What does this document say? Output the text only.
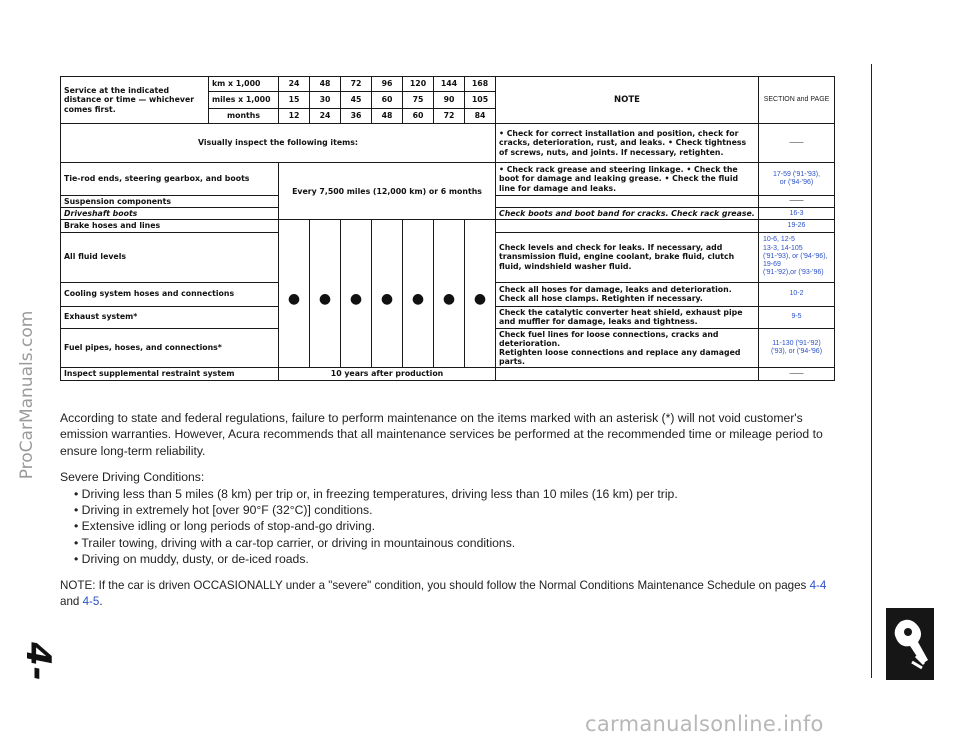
ProCarManuals.com
carmanualsonline.info
4-
Service at the indicated distance or time — whichever comes first.	km x 1,000	24	48	72	96	120	144	168	NOTE	SECTION and PAGE
	miles x 1,000	15	30	45	60	75	90	105		
	months	12	24	36	48	60	72	84		
Visually inspect the following items:									• Check for correct installation and position, check for cracks, deterioration, rust, and leaks. • Check tightness of screws, nuts, and joints. If necessary, retighten.	——
Tie-rod ends, steering gearbox, and boots		Every 7,500 miles (12,000 km) or 6 months							• Check rack grease and steering linkage. • Check the boot for damage and leaking grease. • Check the fluid line for damage and leaks.	17-59 ('91-'93),
or ('94-'96)
Suspension components										——
Driveshaft boots									Check boots and boot band for cracks. Check rack grease.	16-3
Brake hoses and lines										19-26
All fluid levels		●	●	●	●	●	●	●	Check levels and check for leaks. If necessary, add transmission fluid, engine coolant, brake fluid, clutch fluid, windshield washer fluid.	10-6, 12-5
13-3, 14-105
('91-'93), or ('94-'96),
19-69
('91-'92),or ('93-'96)
Cooling system hoses and connections									Check all hoses for damage, leaks and deterioration. Check all hose clamps. Retighten if necessary.	10-2
Exhaust system*									Check the catalytic converter heat shield, exhaust pipe and muffler for damage, leaks and tightness.	9-5
Fuel pipes, hoses, and connections*									Check fuel lines for loose connections, cracks and deterioration.
Retighten loose connections and replace any damaged parts.	11-130 ('91-'92)
('93), or ('94-'96)
Inspect supplemental restraint system		10 years after production								——

According to state and federal regulations, failure to perform maintenance on the items marked with an asterisk (*) will not void customer's emission warranties. However, Acura recommends that all maintenance services be performed at the recommended time or mileage period to ensure long-term reliability.

Severe Driving Conditions:

• Driving less than 5 miles (8 km) per trip or, in freezing temperatures, driving less than 10 miles (16 km) per trip.

• Driving in extremely hot [over 90°F (32°C)] conditions.

• Extensive idling or long periods of stop-and-go driving.

• Trailer towing, driving with a car-top carrier, or driving in mountainous conditions.

• Driving on muddy, dusty, or de-iced roads.

NOTE: If the car is driven OCCASIONALLY under a "severe" condition, you should follow the Normal Conditions Maintenance Schedule on pages 4-4 and 4-5.
